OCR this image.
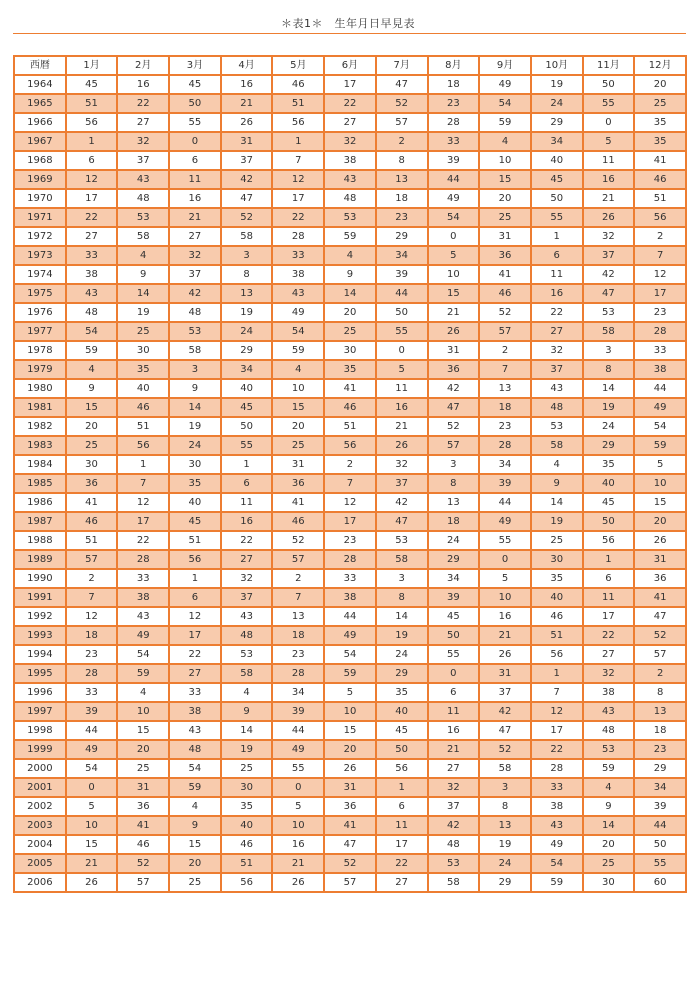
＊表1＊　生年月日早見表
西暦	1月	2月	3月	4月	5月	6月	7月	8月	9月	10月	11月	12月
1964	45	16	45	16	46	17	47	18	49	19	50	20
1965	51	22	50	21	51	22	52	23	54	24	55	25
1966	56	27	55	26	56	27	57	28	59	29	0	35
1967	1	32	0	31	1	32	2	33	4	34	5	35
1968	6	37	6	37	7	38	8	39	10	40	11	41
1969	12	43	11	42	12	43	13	44	15	45	16	46
1970	17	48	16	47	17	48	18	49	20	50	21	51
1971	22	53	21	52	22	53	23	54	25	55	26	56
1972	27	58	27	58	28	59	29	0	31	1	32	2
1973	33	4	32	3	33	4	34	5	36	6	37	7
1974	38	9	37	8	38	9	39	10	41	11	42	12
1975	43	14	42	13	43	14	44	15	46	16	47	17
1976	48	19	48	19	49	20	50	21	52	22	53	23
1977	54	25	53	24	54	25	55	26	57	27	58	28
1978	59	30	58	29	59	30	0	31	2	32	3	33
1979	4	35	3	34	4	35	5	36	7	37	8	38
1980	9	40	9	40	10	41	11	42	13	43	14	44
1981	15	46	14	45	15	46	16	47	18	48	19	49
1982	20	51	19	50	20	51	21	52	23	53	24	54
1983	25	56	24	55	25	56	26	57	28	58	29	59
1984	30	1	30	1	31	2	32	3	34	4	35	5
1985	36	7	35	6	36	7	37	8	39	9	40	10
1986	41	12	40	11	41	12	42	13	44	14	45	15
1987	46	17	45	16	46	17	47	18	49	19	50	20
1988	51	22	51	22	52	23	53	24	55	25	56	26
1989	57	28	56	27	57	28	58	29	0	30	1	31
1990	2	33	1	32	2	33	3	34	5	35	6	36
1991	7	38	6	37	7	38	8	39	10	40	11	41
1992	12	43	12	43	13	44	14	45	16	46	17	47
1993	18	49	17	48	18	49	19	50	21	51	22	52
1994	23	54	22	53	23	54	24	55	26	56	27	57
1995	28	59	27	58	28	59	29	0	31	1	32	2
1996	33	4	33	4	34	5	35	6	37	7	38	8
1997	39	10	38	9	39	10	40	11	42	12	43	13
1998	44	15	43	14	44	15	45	16	47	17	48	18
1999	49	20	48	19	49	20	50	21	52	22	53	23
2000	54	25	54	25	55	26	56	27	58	28	59	29
2001	0	31	59	30	0	31	1	32	3	33	4	34
2002	5	36	4	35	5	36	6	37	8	38	9	39
2003	10	41	9	40	10	41	11	42	13	43	14	44
2004	15	46	15	46	16	47	17	48	19	49	20	50
2005	21	52	20	51	21	52	22	53	24	54	25	55
2006	26	57	25	56	26	57	27	58	29	59	30	60
